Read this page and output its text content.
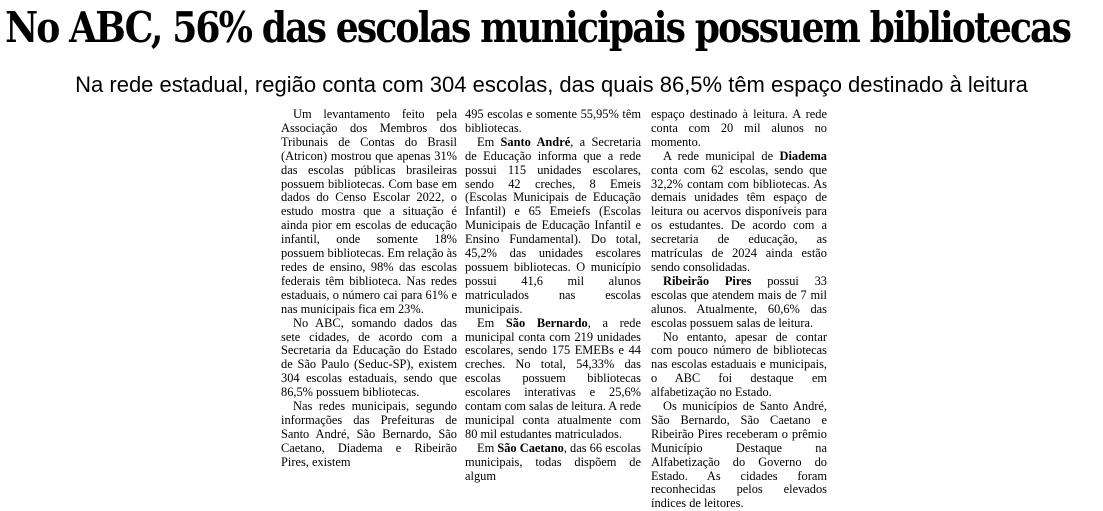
No ABC, 56% das escolas municipais possuem bibliotecas
Na rede estadual, região conta com 304 escolas, das quais 86,5% têm espaço destinado à leitura

Um levantamento feito pela Associação dos Membros dos Tribunais de Contas do Brasil (Atricon) mostrou que apenas 31% das escolas públicas brasileiras possuem bibliotecas. Com base em dados do Censo Escolar 2022, o estudo mostra que a situação é ainda pior em escolas de educação infantil, onde somente 18% possuem bibliotecas. Em relação às redes de ensino, 98% das escolas federais têm biblioteca. Nas redes estaduais, o número cai para 61% e nas municipais fica em 23%.

No ABC, somando dados das sete cidades, de acordo com a Secretaria da Educação do Estado de São Paulo (Seduc-SP), existem 304 escolas estaduais, sendo que 86,5% possuem bibliotecas.

Nas redes municipais, segundo informações das Prefeituras de Santo André, São Bernardo, São Caetano, Diadema e Ribeirão Pires, existem

495 escolas e somente 55,95% têm bibliotecas.

Em Santo André, a Secretaria de Educação informa que a rede possui 115 unidades escolares, sendo 42 creches, 8 Emeis (Escolas Municipais de Educação Infantil) e 65 Emeiefs (Escolas Municipais de Educação Infantil e Ensino Fundamental). Do total, 45,2% das unidades escolares possuem bibliotecas. O município possui 41,6 mil alunos matriculados nas escolas municipais.

Em São Bernardo, a rede municipal conta com 219 unidades escolares, sendo 175 EMEBs e 44 creches. No total, 54,33% das escolas possuem bibliotecas escolares interativas e 25,6% contam com salas de leitura. A rede municipal conta atualmente com 80 mil estudantes matriculados.

Em São Caetano, das 66 escolas municipais, todas dispõem de algum

espaço destinado à leitura. A rede conta com 20 mil alunos no momento.

A rede municipal de Diadema conta com 62 escolas, sendo que 32,2% contam com bibliotecas. As demais unidades têm espaço de leitura ou acervos disponíveis para os estudantes. De acordo com a secretaria de educação, as matrículas de 2024 ainda estão sendo consolidadas.

Ribeirão Pires possui 33 escolas que atendem mais de 7 mil alunos. Atualmente, 60,6% das escolas possuem salas de leitura.

No entanto, apesar de contar com pouco número de bibliotecas nas escolas estaduais e municipais, o ABC foi destaque em alfabetização no Estado.

Os municípios de Santo André, São Bernardo, São Caetano e Ribeirão Pires receberam o prêmio Município Destaque na Alfabetização do Governo do Estado. As cidades foram reconhecidas pelos elevados índices de leitores.
